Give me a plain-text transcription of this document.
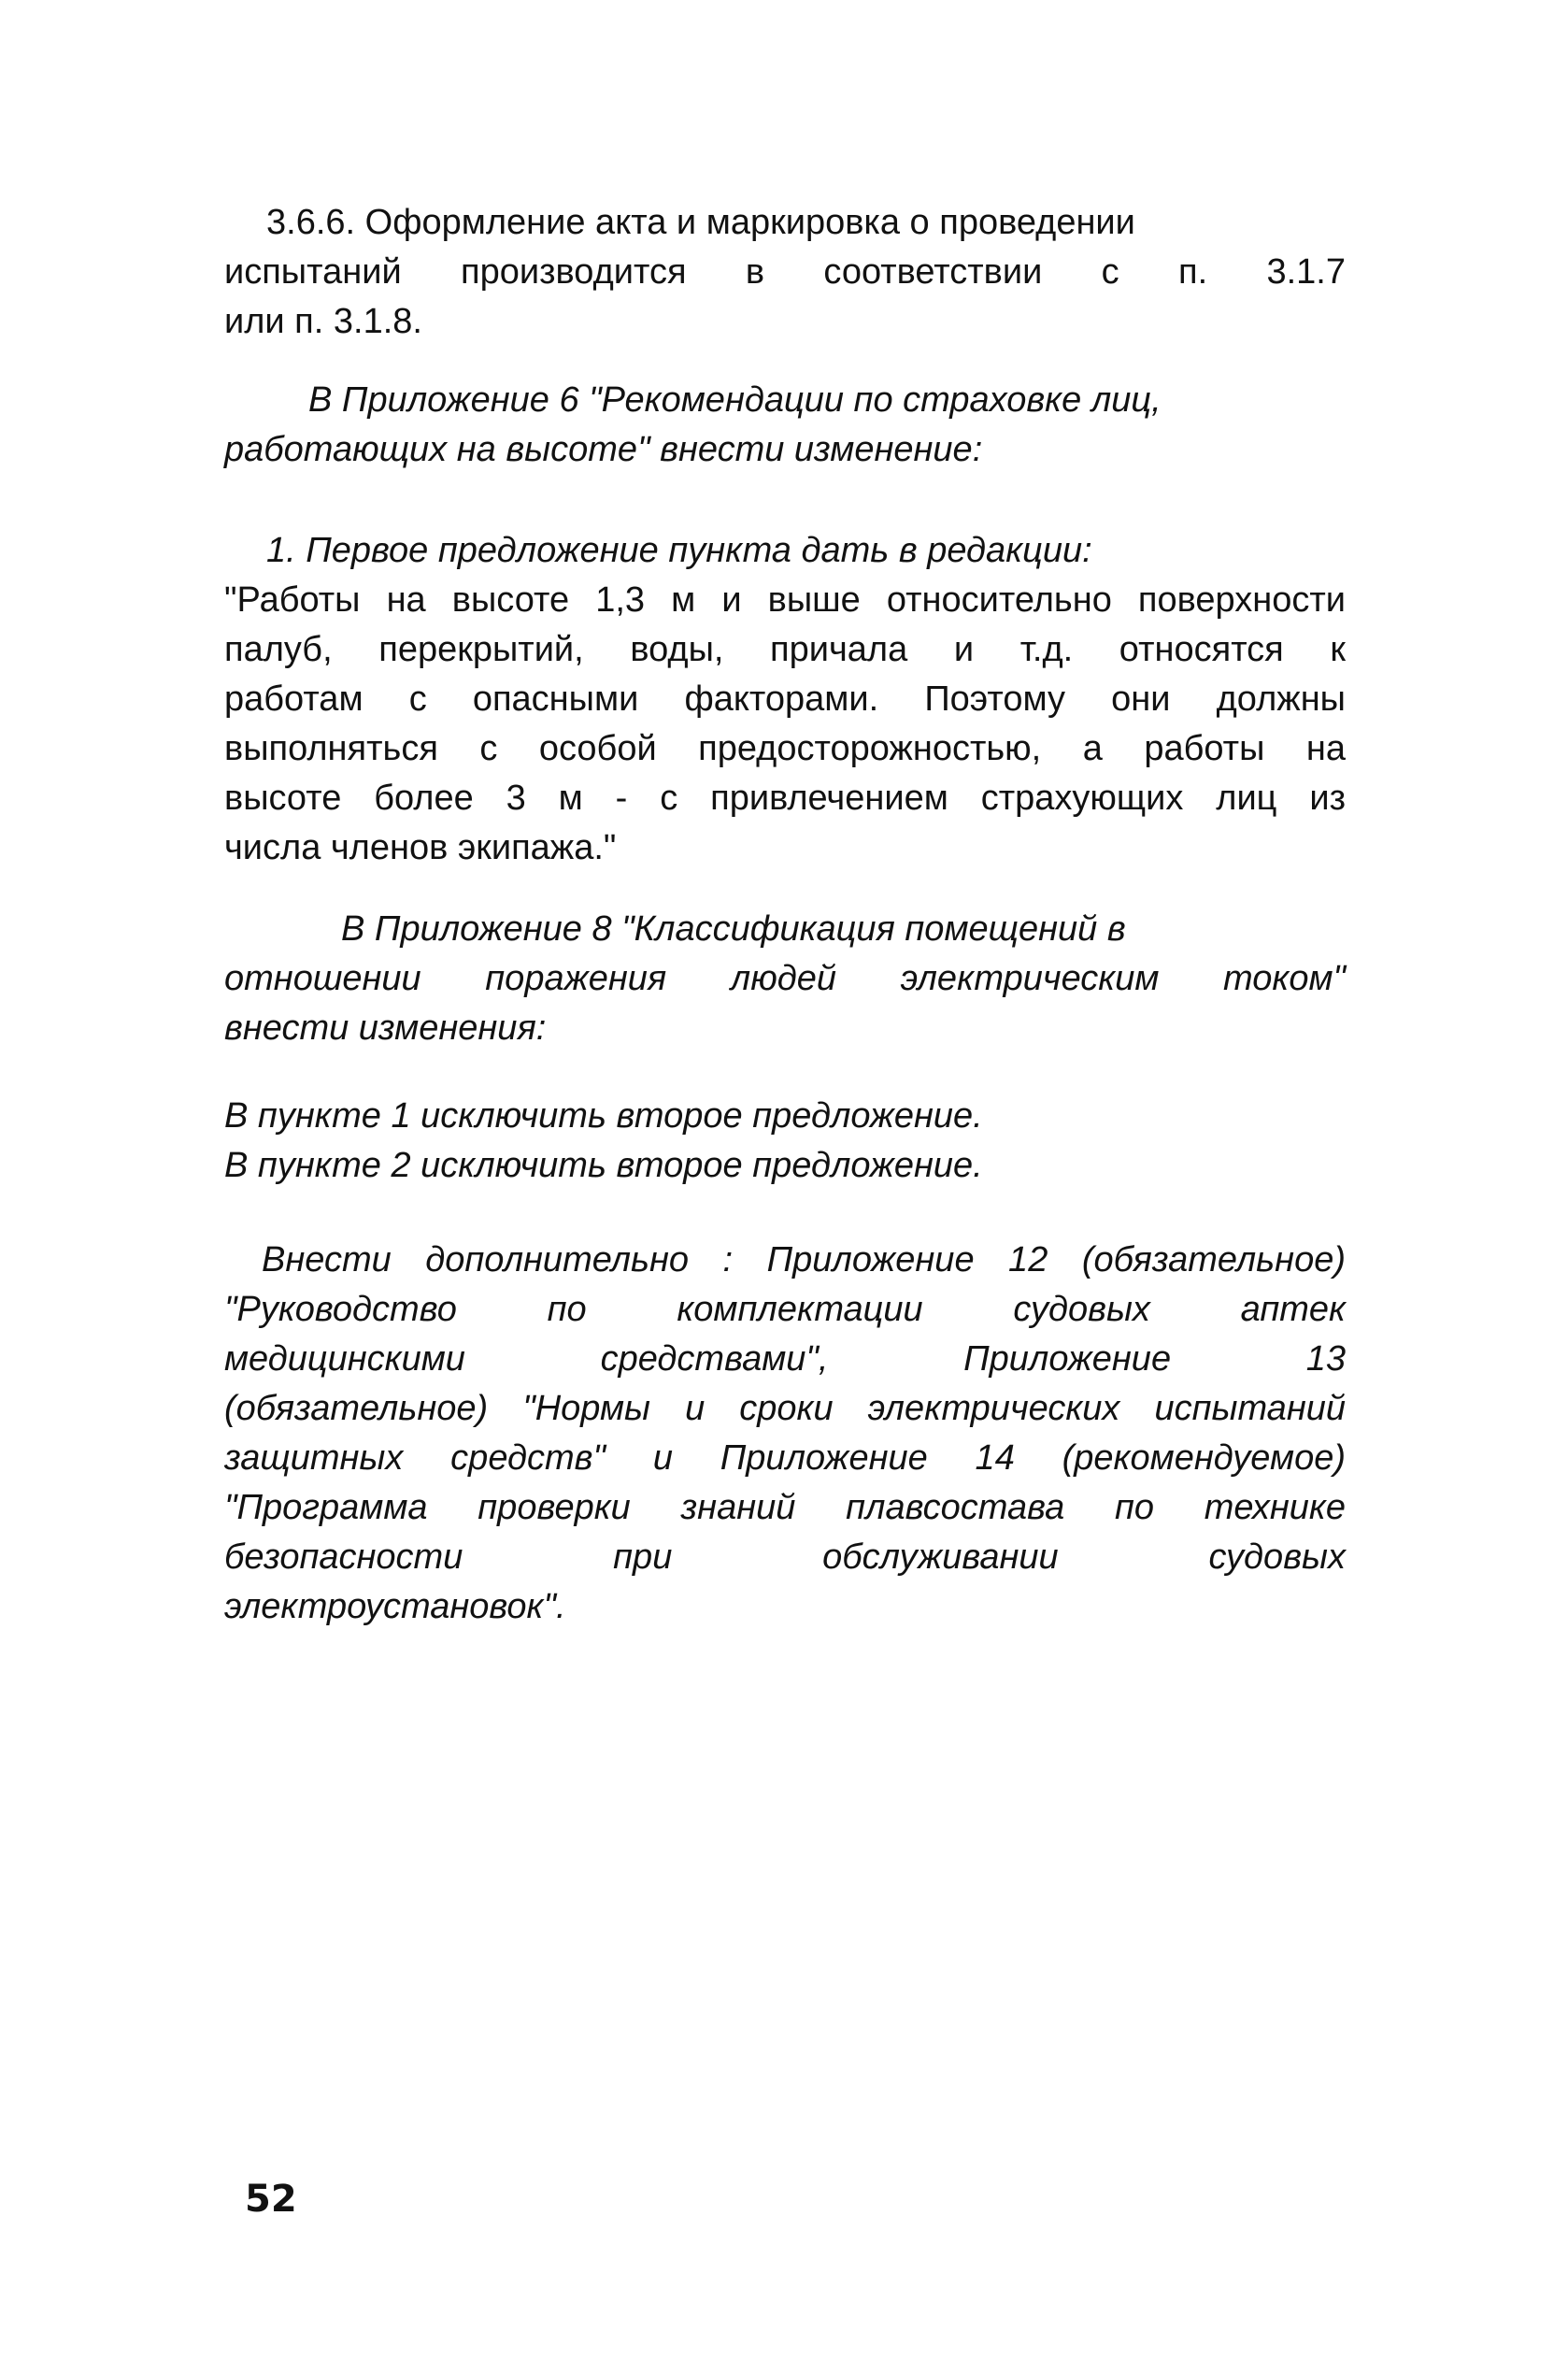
3.6.6. Оформление акта и маркировка о проведении
испытаний производится в соответствии с п. 3.1.7
или п. 3.1.8.
В Приложение 6 "Рекомендации по страховке лиц,
работающих на высоте" внести изменение:
1. Первое предложение пункта дать в редакции:
"Работы на высоте 1,3 м и выше относительно поверхности
палуб, перекрытий, воды, причала и т.д. относятся к
работам с опасными факторами. Поэтому они должны
выполняться с особой предосторожностью, а работы на
высоте более 3 м - с привлечением страхующих лиц из
числа членов экипажа."
В Приложение 8 "Классификация помещений в
отношении поражения людей электрическим током"
внести изменения:
В пункте 1 исключить второе предложение.
В пункте 2 исключить второе предложение.
Внести дополнительно : Приложение 12 (обязательное)
"Руководство по комплектации судовых аптек
медицинскими средствами", Приложение 13
(обязательное) "Нормы и сроки электрических испытаний
защитных средств" и Приложение 14 (рекомендуемое)
"Программа проверки знаний плавсостава по технике
безопасности при обслуживании судовых
электроустановок".
52
